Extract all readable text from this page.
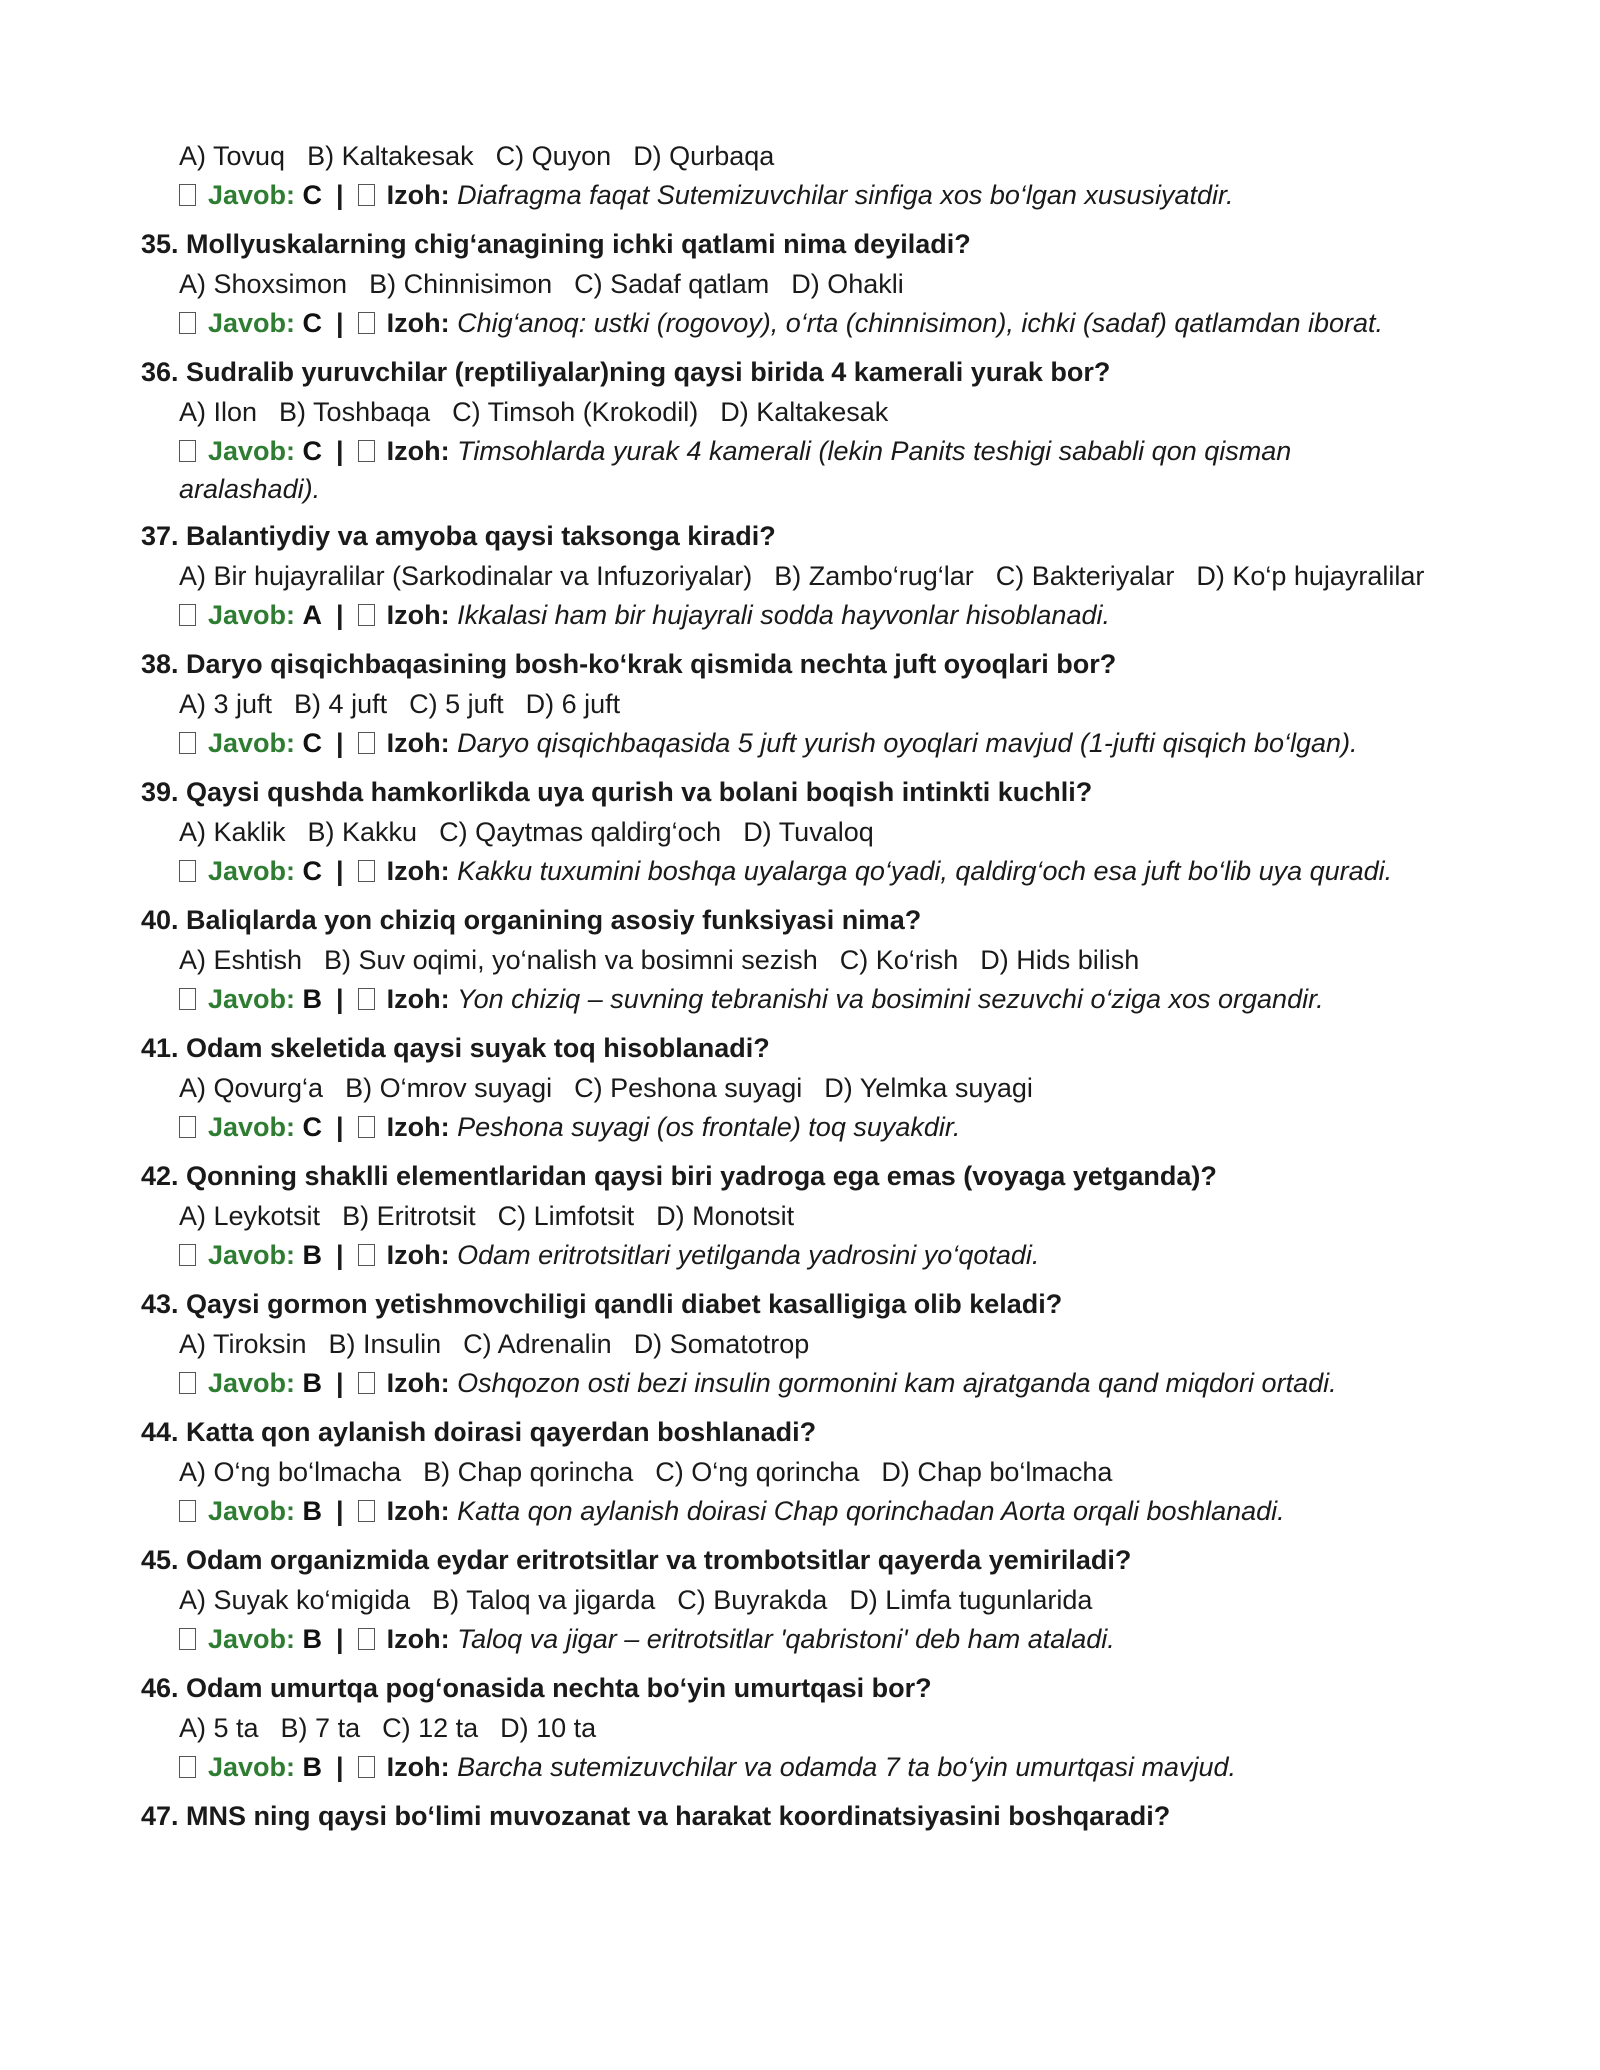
A) Tovuq B) Kaltakesak C) Quyon D) Qurbaqa
Javob: C | Izoh: Diafragma faqat Sutemizuvchilar sinfiga xos bo‘lgan xususiyatdir.
35. Mollyuskalarning chig‘anagining ichki qatlami nima deyiladi?
A) Shoxsimon B) Chinnisimon C) Sadaf qatlam D) Ohakli
Javob: C | Izoh: Chig‘anoq: ustki (rogovoy), o‘rta (chinnisimon), ichki (sadaf) qatlamdan iborat.
36. Sudralib yuruvchilar (reptiliyalar)ning qaysi birida 4 kamerali yurak bor?
A) Ilon B) Toshbaqa C) Timsoh (Krokodil) D) Kaltakesak
Javob: C | Izoh: Timsohlarda yurak 4 kamerali (lekin Panits teshigi sababli qon qisman aralashadi).
37. Balantiydiy va amyoba qaysi taksonga kiradi?
A) Bir hujayralilar (Sarkodinalar va Infuzoriyalar) B) Zambo‘rug‘lar C) Bakteriyalar D) Ko‘p hujayralilar
Javob: A | Izoh: Ikkalasi ham bir hujayrali sodda hayvonlar hisoblanadi.
38. Daryo qisqichbaqasining bosh-ko‘krak qismida nechta juft oyoqlari bor?
A) 3 juft B) 4 juft C) 5 juft D) 6 juft
Javob: C | Izoh: Daryo qisqichbaqasida 5 juft yurish oyoqlari mavjud (1-jufti qisqich bo‘lgan).
39. Qaysi qushda hamkorlikda uya qurish va bolani boqish intinkti kuchli?
A) Kaklik B) Kakku C) Qaytmas qaldirg‘och D) Tuvaloq
Javob: C | Izoh: Kakku tuxumini boshqa uyalarga qo‘yadi, qaldirg‘och esa juft bo‘lib uya quradi.
40. Baliqlarda yon chiziq organining asosiy funksiyasi nima?
A) Eshtish B) Suv oqimi, yo‘nalish va bosimni sezish C) Ko‘rish D) Hids bilish
Javob: B | Izoh: Yon chiziq – suvning tebranishi va bosimini sezuvchi o‘ziga xos organdir.
41. Odam skeletida qaysi suyak toq hisoblanadi?
A) Qovurg‘a B) O‘mrov suyagi C) Peshona suyagi D) Yelmka suyagi
Javob: C | Izoh: Peshona suyagi (os frontale) toq suyakdir.
42. Qonning shaklli elementlaridan qaysi biri yadroga ega emas (voyaga yetganda)?
A) Leykotsit B) Eritrotsit C) Limfotsit D) Monotsit
Javob: B | Izoh: Odam eritrotsitlari yetilganda yadrosini yo‘qotadi.
43. Qaysi gormon yetishmovchiligi qandli diabet kasalligiga olib keladi?
A) Tiroksin B) Insulin C) Adrenalin D) Somatotrop
Javob: B | Izoh: Oshqozon osti bezi insulin gormonini kam ajratganda qand miqdori ortadi.
44. Katta qon aylanish doirasi qayerdan boshlanadi?
A) O‘ng bo‘lmacha B) Chap qorincha C) O‘ng qorincha D) Chap bo‘lmacha
Javob: B | Izoh: Katta qon aylanish doirasi Chap qorinchadan Aorta orqali boshlanadi.
45. Odam organizmida eydar eritrotsitlar va trombotsitlar qayerda yemiriladi?
A) Suyak ko‘migida B) Taloq va jigarda C) Buyrakda D) Limfa tugunlarida
Javob: B | Izoh: Taloq va jigar – eritrotsitlar 'qabristoni' deb ham ataladi.
46. Odam umurtqa pog‘onasida nechta bo‘yin umurtqasi bor?
A) 5 ta B) 7 ta C) 12 ta D) 10 ta
Javob: B | Izoh: Barcha sutemizuvchilar va odamda 7 ta bo‘yin umurtqasi mavjud.
47. MNS ning qaysi bo‘limi muvozanat va harakat koordinatsiyasini boshqaradi?
